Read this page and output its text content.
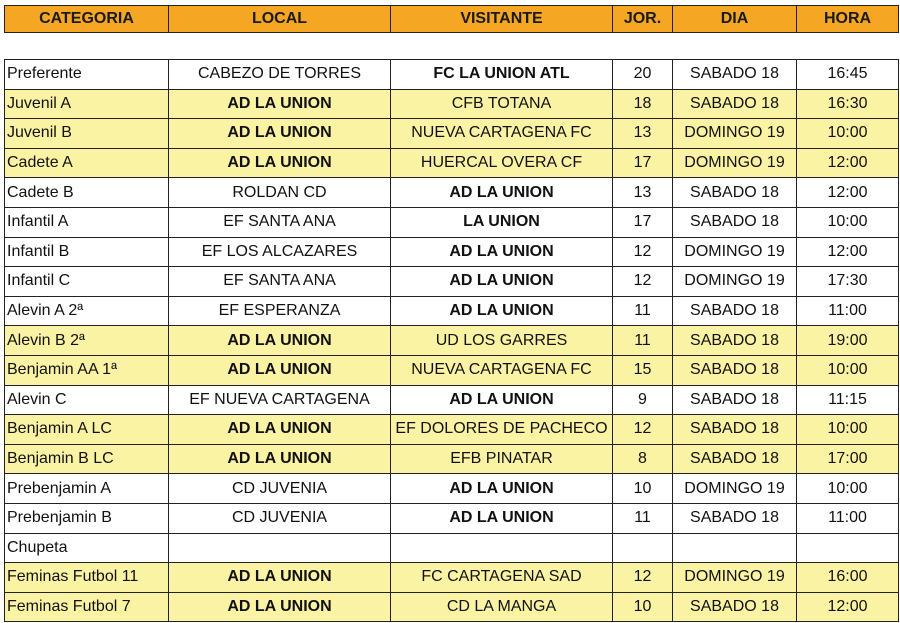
CATEGORIA	LOCAL	VISITANTE	JOR.	DIA	HORA
Preferente	CABEZO DE TORRES	FC LA UNION ATL	20	SABADO 18	16:45
Juvenil A	AD LA UNION	CFB TOTANA	18	SABADO 18	16:30
Juvenil B	AD LA UNION	NUEVA CARTAGENA FC	13	DOMINGO 19	10:00
Cadete A	AD LA UNION	HUERCAL OVERA CF	17	DOMINGO 19	12:00
Cadete B	ROLDAN CD	AD LA UNION	13	SABADO 18	12:00
Infantil A	EF SANTA ANA	LA UNION	17	SABADO 18	10:00
Infantil B	EF LOS ALCAZARES	AD LA UNION	12	DOMINGO 19	12:00
Infantil C	EF SANTA ANA	AD LA UNION	12	DOMINGO 19	17:30
Alevin A 2ª	EF ESPERANZA	AD LA UNION	11	SABADO 18	11:00
Alevin B 2ª	AD LA UNION	UD LOS GARRES	11	SABADO 18	19:00
Benjamin AA 1ª	AD LA UNION	NUEVA CARTAGENA FC	15	SABADO 18	10:00
Alevin C	EF NUEVA CARTAGENA	AD LA UNION	9	SABADO 18	11:15
Benjamin A LC	AD LA UNION	EF DOLORES DE PACHECO	12	SABADO 18	10:00
Benjamin B LC	AD LA UNION	EFB PINATAR	8	SABADO 18	17:00
Prebenjamin A	CD JUVENIA	AD LA UNION	10	DOMINGO 19	10:00
Prebenjamin B	CD JUVENIA	AD LA UNION	11	SABADO 18	11:00
Chupeta					
Feminas Futbol 11	AD LA UNION	FC CARTAGENA SAD	12	DOMINGO 19	16:00
Feminas Futbol 7	AD LA UNION	CD LA MANGA	10	SABADO 18	12:00
